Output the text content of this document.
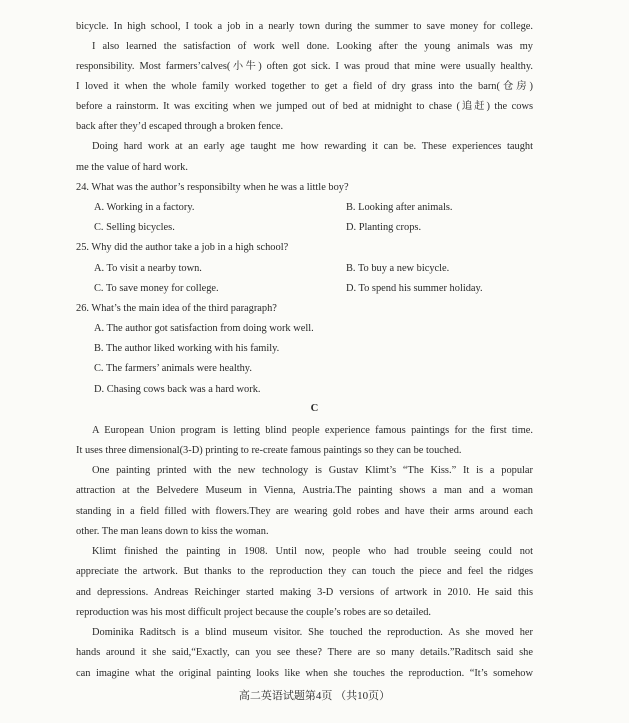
bicycle. In high school, I took a job in a nearly town during the summer to save money for college.
I also learned the satisfaction of work well done. Looking after the young animals was my
responsibility. Most farmers’calves(小牛) often got sick. I was proud that mine were usually healthy.
I loved it when the whole family worked together to get a field of dry grass into the barn(仓房)
before a rainstorm. It was exciting when we jumped out of bed at midnight to chase (追赶) the cows
back after they’d escaped through a broken fence.
Doing hard work at an early age taught me how rewarding it can be. These experiences taught
me the value of hard work.
24. What was the author’s responsibilty when he was a little boy?
A. Working in a factory.	B. Looking after animals.
C. Selling bicycles.	D. Planting crops.
25. Why did the author take a job in a high school?
A. To visit a nearby town.	B. To buy a new bicycle.
C. To save money for college.	D. To spend his summer holiday.
26. What’s the main idea of the third paragraph?
A. The author got satisfaction from doing work well.
B. The author liked working with his family.
C. The farmers’ animals were healthy.
D. Chasing cows back was a hard work.
C
A European Union program is letting blind people experience famous paintings for the first time.
It uses three dimensional(3-D) printing to re-create famous paintings so they can be touched.
One painting printed with the new technology is Gustav Klimt’s “The Kiss.” It is a popular
attraction at the Belvedere Museum in Vienna, Austria.The painting shows a man and a woman
standing in a field filled with flowers.They are wearing gold robes and have their arms around each
other. The man leans down to kiss the woman.
Klimt finished the painting in 1908. Until now, people who had trouble seeing could not
appreciate the artwork. But thanks to the reproduction they can touch the piece and feel the ridges
and depressions. Andreas Reichinger started making 3-D versions of artwork in 2010. He said this
reproduction was his most difficult project because the couple’s robes are so detailed.
Dominika Raditsch is a blind museum visitor. She touched the reproduction. As she moved her
hands around it she said,“Exactly, can you see these? There are so many details.”Raditsch said she
can imagine what the original painting looks like when she touches the reproduction. “It’s somehow
高二英语试题第4页 （共10页）
